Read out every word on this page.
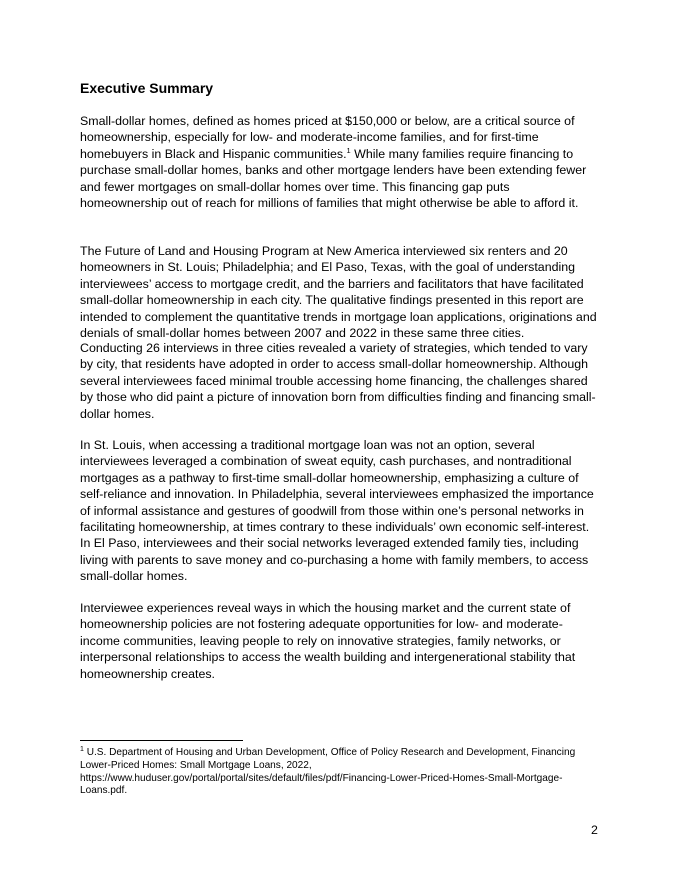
Executive Summary

Small-dollar homes, defined as homes priced at $150,000 or below, are a critical source of homeownership, especially for low- and moderate-income families, and for first-time homebuyers in Black and Hispanic communities.$^1$ While many families require financing to purchase small-dollar homes, banks and other mortgage lenders have been extending fewer and fewer mortgages on small-dollar homes over time. This financing gap puts homeownership out of reach for millions of families that might otherwise be able to afford it.

The Future of Land and Housing Program at New America interviewed six renters and 20 homeowners in St. Louis; Philadelphia; and El Paso, Texas, with the goal of understanding interviewees’ access to mortgage credit, and the barriers and facilitators that have facilitated small-dollar homeownership in each city. The qualitative findings presented in this report are intended to complement the quantitative trends in mortgage loan applications, originations and denials of small-dollar homes between 2007 and 2022 in these same three cities.

Conducting 26 interviews in three cities revealed a variety of strategies, which tended to vary by city, that residents have adopted in order to access small-dollar homeownership. Although several interviewees faced minimal trouble accessing home financing, the challenges shared by those who did paint a picture of innovation born from difficulties finding and financing small-dollar homes.

In St. Louis, when accessing a traditional mortgage loan was not an option, several interviewees leveraged a combination of sweat equity, cash purchases, and nontraditional mortgages as a pathway to first-time small-dollar homeownership, emphasizing a culture of self-reliance and innovation. In Philadelphia, several interviewees emphasized the importance of informal assistance and gestures of goodwill from those within one’s personal networks in facilitating homeownership, at times contrary to these individuals’ own economic self-interest. In El Paso, interviewees and their social networks leveraged extended family ties, including living with parents to save money and co-purchasing a home with family members, to access small-dollar homes.

Interviewee experiences reveal ways in which the housing market and the current state of homeownership policies are not fostering adequate opportunities for low- and moderate-income communities, leaving people to rely on innovative strategies, family networks, or interpersonal relationships to access the wealth building and intergenerational stability that homeownership creates.

$^1$ U.S. Department of Housing and Urban Development, Office of Policy Research and Development, Financing Lower-Priced Homes: Small Mortgage Loans, 2022, https://www.huduser.gov/portal/portal/sites/default/files/pdf/Financing-Lower-Priced-Homes-Small-Mortgage-Loans.pdf.

2
